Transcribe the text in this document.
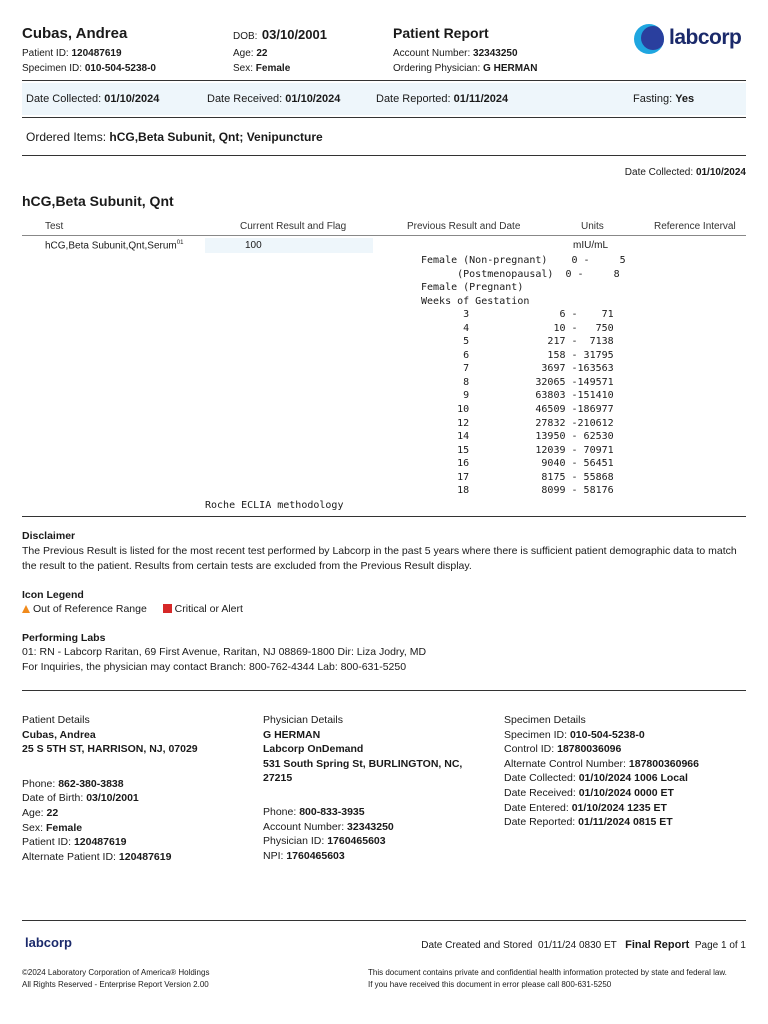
Cubas, Andrea
Patient ID: 120487619
Specimen ID: 010-504-5238-0
DOB: 03/10/2001
Age: 22
Sex: Female
Patient Report
Account Number: 32343250
Ordering Physician: G HERMAN
labcorp
Date Collected: 01/10/2024	Date Received: 01/10/2024	Date Reported: 01/11/2024	Fasting: Yes
Ordered Items: hCG,Beta Subunit, Qnt; Venipuncture
Date Collected: 01/10/2024
hCG,Beta Subunit, Qnt
Test	Current Result and Flag	Previous Result and Date	Units	Reference Interval
hCG,Beta Subunit,Qnt,Serum$^{01}$	100	mIU/mL
Female (Non-pregnant)    0 -     5
(Postmenopausal)  0 -     8
Female (Pregnant)
Weeks of Gestation
3               6 -    71
4              10 -   750
5             217 -  7138
6             158 - 31795
7            3697 -163563
8           32065 -149571
9           63803 -151410
10           46509 -186977
12           27832 -210612
14           13950 - 62530
15           12039 - 70971
16            9040 - 56451
17            8175 - 55868
18            8099 - 58176
Roche ECLIA methodology
Disclaimer
The Previous Result is listed for the most recent test performed by Labcorp in the past 5 years where there is sufficient patient demographic data to match the result to the patient. Results from certain tests are excluded from the Previous Result display.
Icon Legend
Out of Reference Range	Critical or Alert
Performing Labs
01: RN - Labcorp Raritan, 69 First Avenue, Raritan, NJ 08869-1800 Dir: Liza Jodry, MD
For Inquiries, the physician may contact Branch: 800-762-4344 Lab: 800-631-5250
Patient Details
Cubas, Andrea
25 S 5TH ST, HARRISON, NJ, 07029
Phone: 862-380-3838
Date of Birth: 03/10/2001
Age: 22
Sex: Female
Patient ID: 120487619
Alternate Patient ID: 120487619
Physician Details
G HERMAN
Labcorp OnDemand
531 South Spring St, BURLINGTON, NC,
27215
Phone: 800-833-3935
Account Number: 32343250
Physician ID: 1760465603
NPI: 1760465603
Specimen Details
Specimen ID: 010-504-5238-0
Control ID: 18780036096
Alternate Control Number: 187800360966
Date Collected: 01/10/2024 1006 Local
Date Received: 01/10/2024 0000 ET
Date Entered: 01/10/2024 1235 ET
Date Reported: 01/11/2024 0815 ET
labcorp	Date Created and Stored 01/11/24 0830 ET Final Report Page 1 of 1
©2024 Laboratory Corporation of America® Holdings
All Rights Reserved - Enterprise Report Version 2.00
This document contains private and confidential health information protected by state and federal law.
If you have received this document in error please call 800-631-5250
